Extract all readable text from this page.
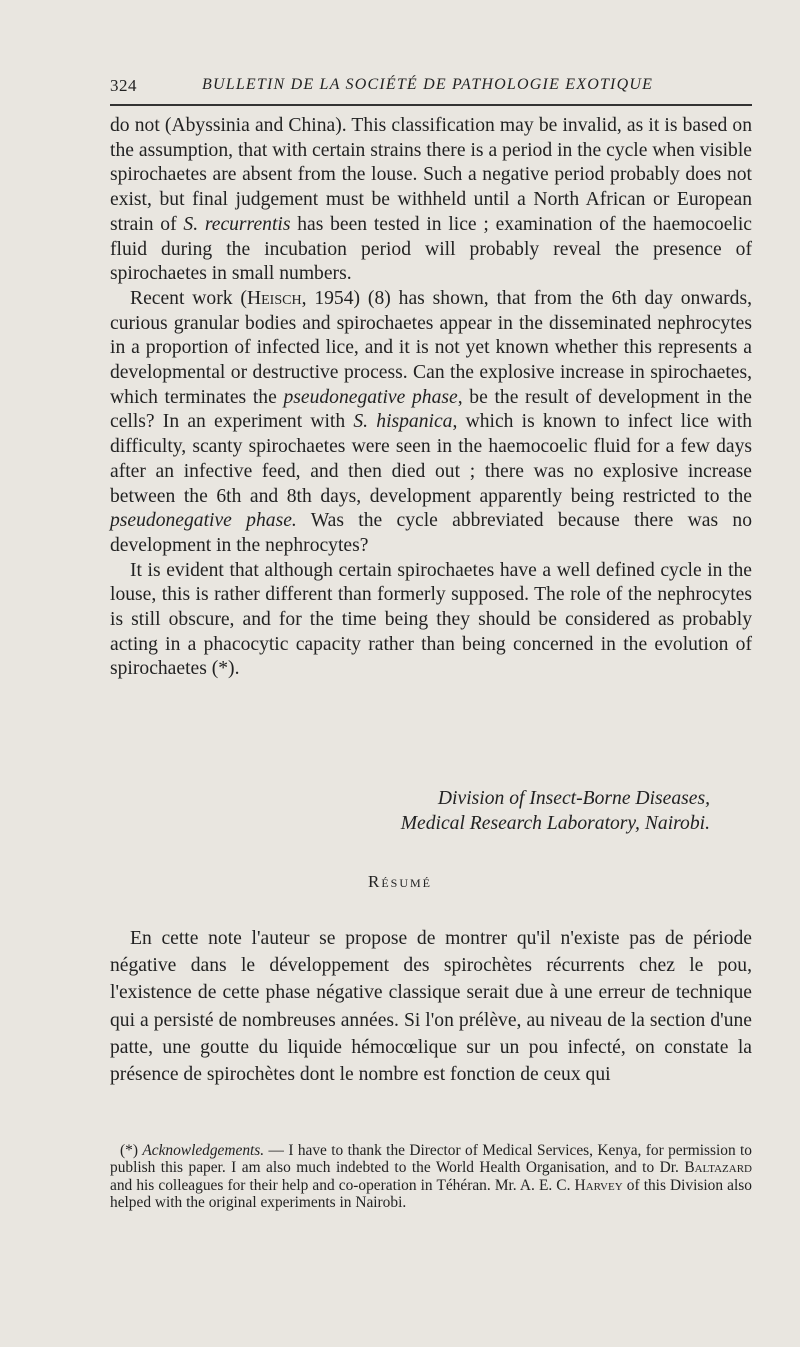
324	BULLETIN DE LA SOCIÉTÉ DE PATHOLOGIE EXOTIQUE

do not (Abyssinia and China). This classification may be invalid, as it is based on the assumption, that with certain strains there is a period in the cycle when visible spirochaetes are absent from the louse. Such a negative period probably does not exist, but final judgement must be withheld until a North African or European strain of S. recurrentis has been tested in lice ; examination of the haemocoelic fluid during the incubation period will probably reveal the presence of spirochaetes in small numbers.

Recent work (Heisch, 1954) (8) has shown, that from the 6th day onwards, curious granular bodies and spirochaetes appear in the disseminated nephrocytes in a proportion of infected lice, and it is not yet known whether this represents a developmental or destructive process. Can the explosive increase in spirochaetes, which terminates the pseudonegative phase, be the result of development in the cells? In an experiment with S. hispanica, which is known to infect lice with difficulty, scanty spirochaetes were seen in the haemocoelic fluid for a few days after an infective feed, and then died out ; there was no explosive increase between the 6th and 8th days, development apparently being restricted to the pseudonegative phase. Was the cycle abbreviated because there was no development in the nephrocytes?

It is evident that although certain spirochaetes have a well defined cycle in the louse, this is rather different than formerly supposed. The role of the nephrocytes is still obscure, and for the time being they should be considered as probably acting in a phacocytic capacity rather than being concerned in the evolution of spirochaetes (*).

Division of Insect-Borne Diseases,
Medical Research Laboratory, Nairobi.
Résumé

En cette note l'auteur se propose de montrer qu'il n'existe pas de période négative dans le développement des spirochètes récurrents chez le pou, l'existence de cette phase négative classique serait due à une erreur de technique qui a persisté de nombreuses années. Si l'on prélève, au niveau de la section d'une patte, une goutte du liquide hémocœlique sur un pou infecté, on constate la présence de spirochètes dont le nombre est fonction de ceux qui

(*) Acknowledgements. — I have to thank the Director of Medical Services, Kenya, for permission to publish this paper. I am also much indebted to the World Health Organisation, and to Dr. Baltazard and his colleagues for their help and co-operation in Téhéran. Mr. A. E. C. Harvey of this Division also helped with the original experiments in Nairobi.
